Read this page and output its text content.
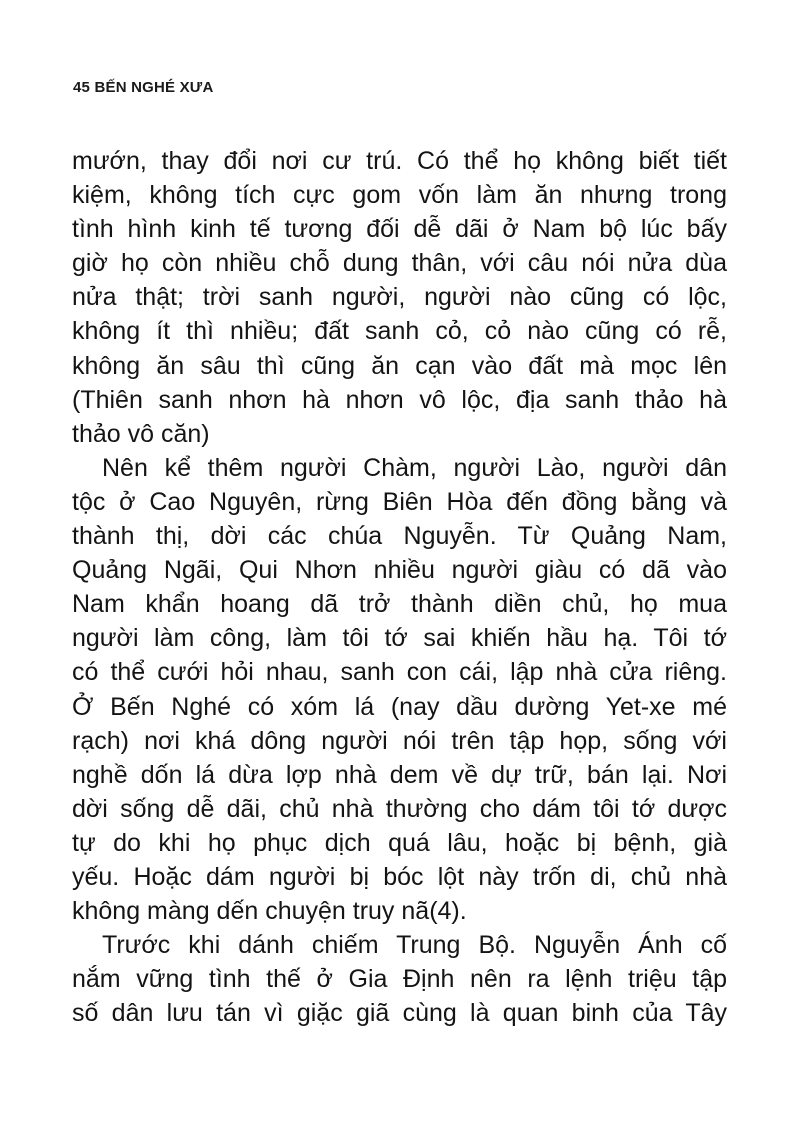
45 BẾN NGHÉ XƯA
mướn, thay đổi nơi cư trú. Có thể họ không biết tiết
kiệm, không tích cực gom vốn làm ăn nhưng trong
tình hình kinh tế tương đối dễ dãi ở Nam bộ lúc bấy
giờ họ còn nhiều chỗ dung thân, với câu nói nửa dùa
nửa thật; trời sanh người, người nào cũng có lộc,
không ít thì nhiều; đất sanh cỏ, cỏ nào cũng có rễ,
không ăn sâu thì cũng ăn cạn vào đất mà mọc lên
(Thiên sanh nhơn hà nhơn vô lộc, địa sanh thảo hà
thảo vô căn)
Nên kể thêm người Chàm, người Lào, người dân
tộc ở Cao Nguyên, rừng Biên Hòa đến đồng bằng và
thành thị, dời các chúa Nguyễn. Từ Quảng Nam,
Quảng Ngãi, Qui Nhơn nhiều người giàu có dã vào
Nam khẩn hoang dã trở thành diền chủ, họ mua
người làm công, làm tôi tớ sai khiến hầu hạ. Tôi tớ
có thể cưới hỏi nhau, sanh con cái, lập nhà cửa riêng.
Ở Bến Nghé có xóm lá (nay dầu dường Yet-xe mé
rạch) nơi khá dông người nói trên tập họp, sống với
nghề dốn lá dừa lợp nhà dem về dự trữ, bán lại. Nơi
dời sống dễ dãi, chủ nhà thường cho dám tôi tớ dược
tự do khi họ phục dịch quá lâu, hoặc bị bệnh, già
yếu. Hoặc dám người bị bóc lột này trốn di, chủ nhà
không màng dến chuyện truy nã(4).
Trước khi dánh chiếm Trung Bộ. Nguyễn Ánh cố
nắm vững tình thế ở Gia Định nên ra lệnh triệu tập
số dân lưu tán vì giặc giã cùng là quan binh của Tây
